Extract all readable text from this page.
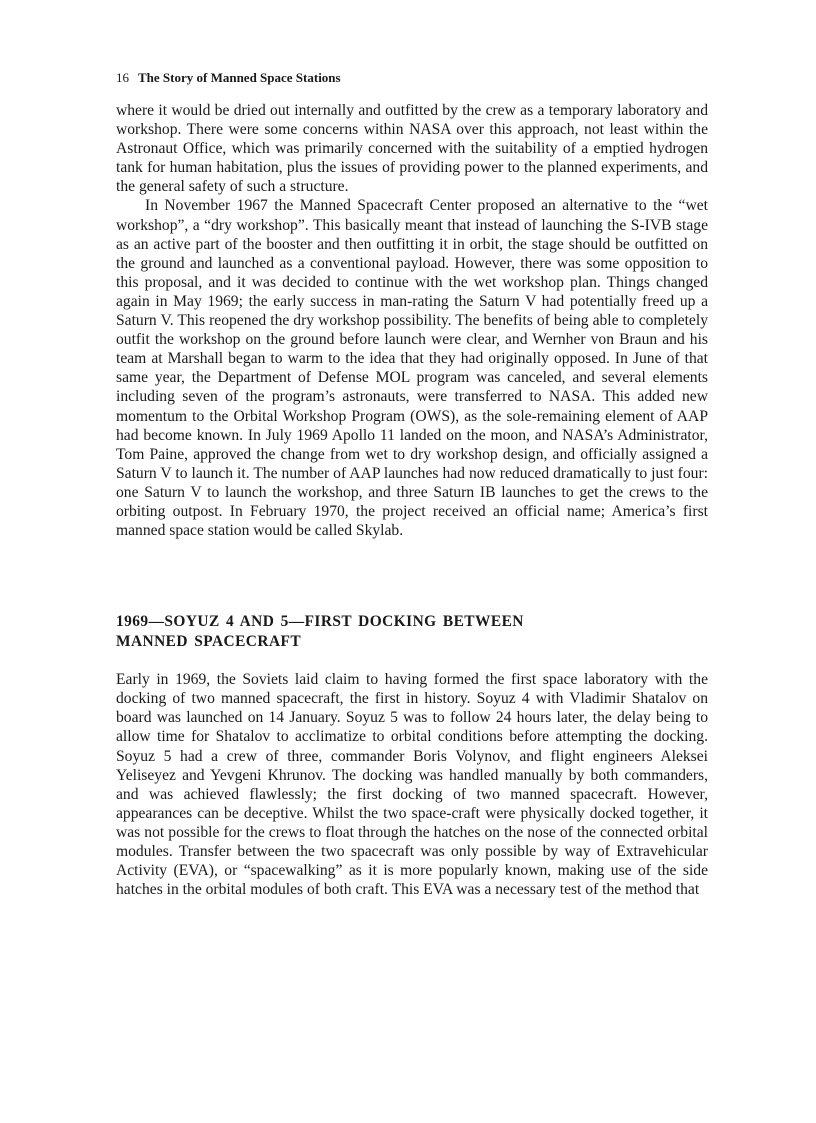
16 The Story of Manned Space Stations

where it would be dried out internally and outfitted by the crew as a temporary laboratory and workshop. There were some concerns within NASA over this approach, not least within the Astronaut Office, which was primarily concerned with the suitability of a emptied hydrogen tank for human habitation, plus the issues of providing power to the planned experiments, and the general safety of such a structure.

In November 1967 the Manned Spacecraft Center proposed an alternative to the “wet workshop”, a “dry workshop”. This basically meant that instead of launching the S-IVB stage as an active part of the booster and then outfitting it in orbit, the stage should be outfitted on the ground and launched as a conventional payload. However, there was some opposition to this proposal, and it was decided to continue with the wet workshop plan. Things changed again in May 1969; the early success in man-rating the Saturn V had potentially freed up a Saturn V. This reopened the dry workshop possibility. The benefits of being able to completely outfit the workshop on the ground before launch were clear, and Wernher von Braun and his team at Marshall began to warm to the idea that they had originally opposed. In June of that same year, the Department of Defense MOL program was canceled, and several elements including seven of the program’s astronauts, were transferred to NASA. This added new momentum to the Orbital Workshop Program (OWS), as the sole-remaining element of AAP had become known. In July 1969 Apollo 11 landed on the moon, and NASA’s Administrator, Tom Paine, approved the change from wet to dry workshop design, and officially assigned a Saturn V to launch it. The number of AAP launches had now reduced dramatically to just four: one Saturn V to launch the workshop, and three Saturn IB launches to get the crews to the orbiting outpost. In February 1970, the project received an official name; America’s first manned space station would be called Skylab.

1969—SOYUZ 4 AND 5—FIRST DOCKING BETWEEN MANNED SPACECRAFT

Early in 1969, the Soviets laid claim to having formed the first space laboratory with the docking of two manned spacecraft, the first in history. Soyuz 4 with Vladimir Shatalov on board was launched on 14 January. Soyuz 5 was to follow 24 hours later, the delay being to allow time for Shatalov to acclimatize to orbital conditions before attempting the docking. Soyuz 5 had a crew of three, commander Boris Volynov, and flight engineers Aleksei Yeliseyez and Yevgeni Khrunov. The docking was handled manually by both commanders, and was achieved flawlessly; the first docking of two manned spacecraft. However, appearances can be deceptive. Whilst the two space-craft were physically docked together, it was not possible for the crews to float through the hatches on the nose of the connected orbital modules. Transfer between the two spacecraft was only possible by way of Extravehicular Activity (EVA), or “spacewalking” as it is more popularly known, making use of the side hatches in the orbital modules of both craft. This EVA was a necessary test of the method that
